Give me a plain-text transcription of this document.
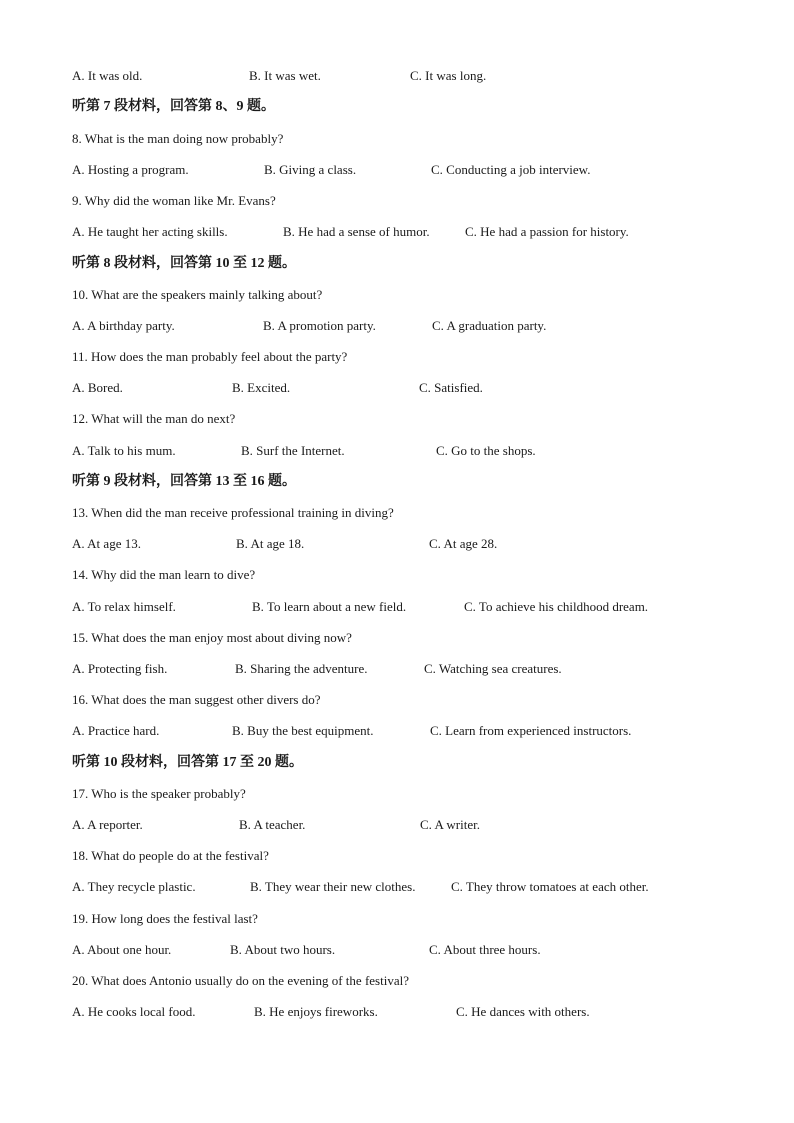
A. It was old.	B. It was wet.	C. It was long.
听第 7 段材料，回答第 8、9 题。
8. What is the man doing now probably?
A. Hosting a program.	B. Giving a class.	C. Conducting a job interview.
9. Why did the woman like Mr. Evans?
A. He taught her acting skills.	B. He had a sense of humor.	C. He had a passion for history.
听第 8 段材料，回答第 10 至 12 题。
10. What are the speakers mainly talking about?
A. A birthday party.	B. A promotion party.	C. A graduation party.
11. How does the man probably feel about the party?
A. Bored.	B. Excited.	C. Satisfied.
12. What will the man do next?
A. Talk to his mum.	B. Surf the Internet.	C. Go to the shops.
听第 9 段材料，回答第 13 至 16 题。
13. When did the man receive professional training in diving?
A. At age 13.	B. At age 18.	C. At age 28.
14. Why did the man learn to dive?
A. To relax himself.	B. To learn about a new field.	C. To achieve his childhood dream.
15. What does the man enjoy most about diving now?
A. Protecting fish.	B. Sharing the adventure.	C. Watching sea creatures.
16. What does the man suggest other divers do?
A. Practice hard.	B. Buy the best equipment.	C. Learn from experienced instructors.
听第 10 段材料，回答第 17 至 20 题。
17. Who is the speaker probably?
A. A reporter.	B. A teacher.	C. A writer.
18. What do people do at the festival?
A. They recycle plastic.	B. They wear their new clothes.	C. They throw tomatoes at each other.
19. How long does the festival last?
A. About one hour.	B. About two hours.	C. About three hours.
20. What does Antonio usually do on the evening of the festival?
A. He cooks local food.	B. He enjoys fireworks.	C. He dances with others.
